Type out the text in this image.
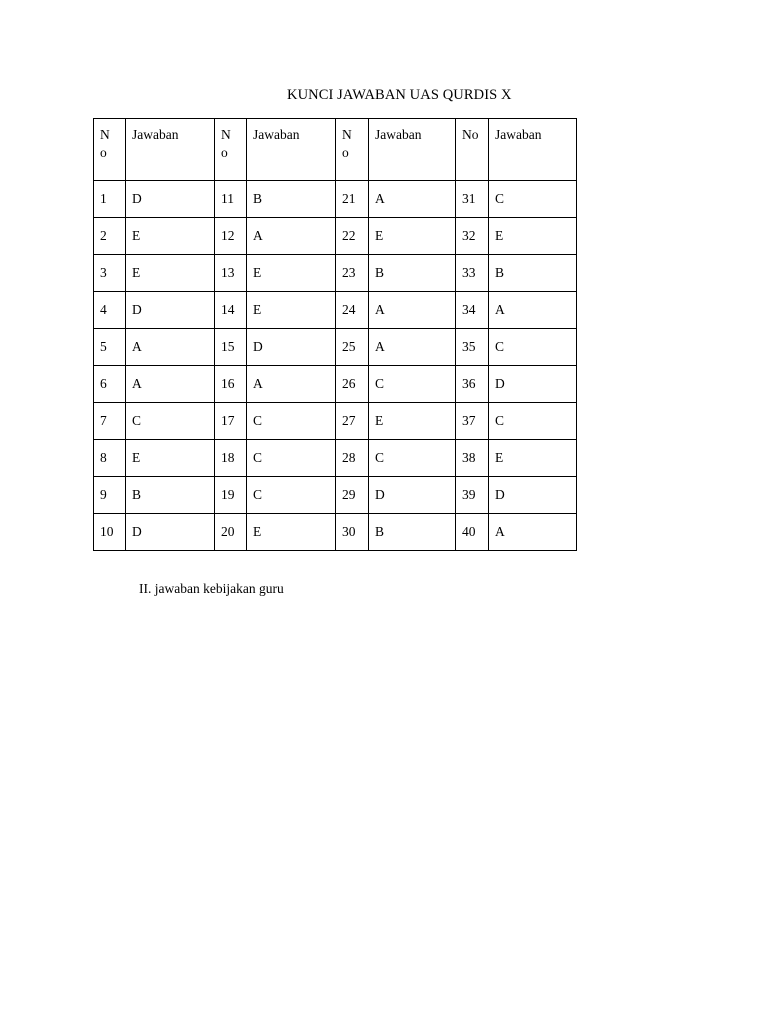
KUNCI JAWABAN UAS QURDIS X
No	Jawaban	No	Jawaban	No	Jawaban	No	Jawaban
1	D	11	B	21	A	31	C
2	E	12	A	22	E	32	E
3	E	13	E	23	B	33	B
4	D	14	E	24	A	34	A
5	A	15	D	25	A	35	C
6	A	16	A	26	C	36	D
7	C	17	C	27	E	37	C
8	E	18	C	28	C	38	E
9	B	19	C	29	D	39	D
10	D	20	E	30	B	40	A
II. jawaban kebijakan guru
